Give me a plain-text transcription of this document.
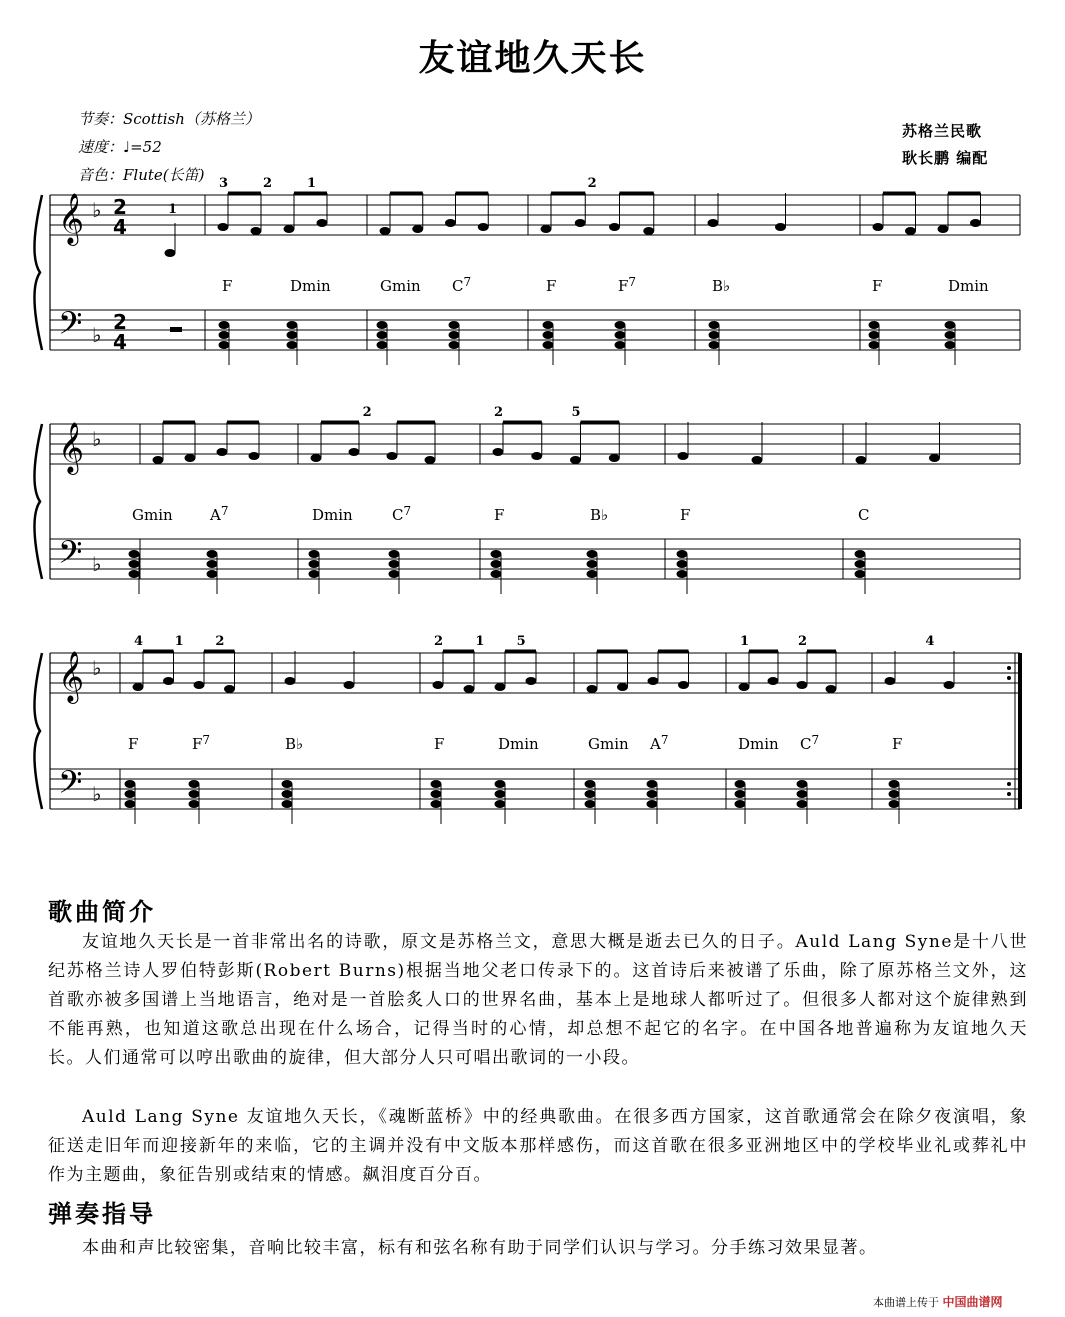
友谊地久天长
节奏：Scottish（苏格兰）
速度：♩=52
音色：Flute(长笛)
苏格兰民歌
耿长鹏 编配
𝄞
𝄢
♭
♭
2
4
2
4
1
3	2	1
F	Dmin	Gmin $C^7$
2
F	$F^7$	B♭	F	Dmin
𝄞
𝄢
♭
♭
Gmin $A^7$
2
Dmin	$C^7$
2	5
F	B♭	F	C
𝄞
𝄢
♭
♭
4 1 2
F	$F^7$	B♭
2 1 5
F	Dmin	Gmin $A^7$
1	2
Dmin $C^7$
4
F
歌曲简介

友谊地久天长是一首非常出名的诗歌，原文是苏格兰文，意思大概是逝去已久的日子。Auld Lang Syne是十八世纪苏格兰诗人罗伯特彭斯(Robert Burns)根据当地父老口传录下的。这首诗后来被谱了乐曲，除了原苏格兰文外，这首歌亦被多国谱上当地语言，绝对是一首脍炙人口的世界名曲，基本上是地球人都听过了。但很多人都对这个旋律熟到不能再熟，也知道这歌总出现在什么场合，记得当时的心情，却总想不起它的名字。在中国各地普遍称为友谊地久天长。人们通常可以哼出歌曲的旋律，但大部分人只可唱出歌词的一小段。

Auld Lang Syne 友谊地久天长，《魂断蓝桥》中的经典歌曲。在很多西方国家，这首歌通常会在除夕夜演唱，象征送走旧年而迎接新年的来临，它的主调并没有中文版本那样感伤，而这首歌在很多亚洲地区中的学校毕业礼或葬礼中作为主题曲，象征告别或结束的情感。飙泪度百分百。

弹奏指导

本曲和声比较密集，音响比较丰富，标有和弦名称有助于同学们认识与学习。分手练习效果显著。

本曲谱上传于 中国曲谱网
